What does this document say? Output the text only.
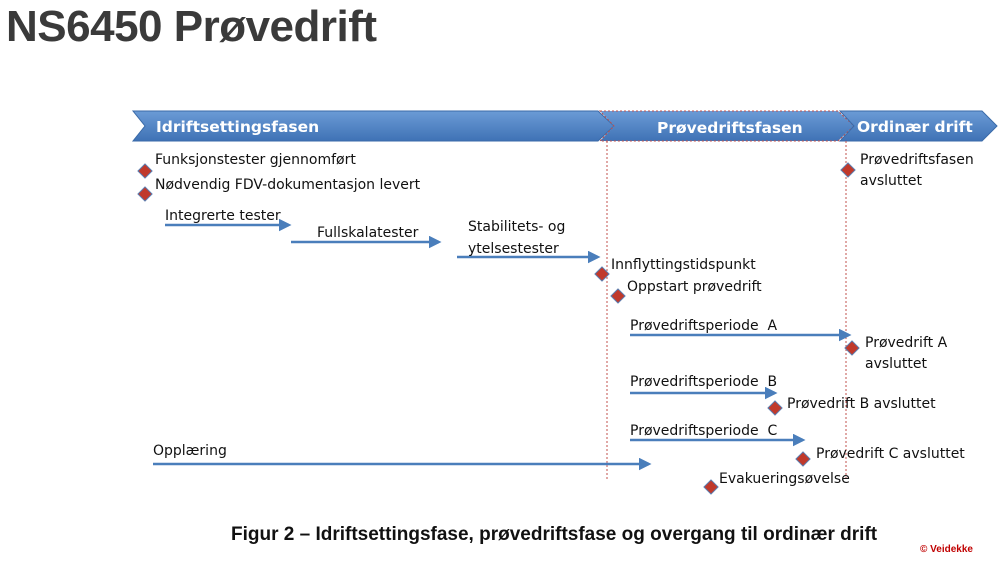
NS6450 Prøvedrift
Idriftsettingsfasen	Prøvedriftsfasen	Ordinær drift
Funksjonstester gjennomført
Nødvendig FDV-dokumentasjon levert
Prøvedriftsfasen
avsluttet
Innflyttingstidspunkt
Oppstart prøvedrift
Prøvedrift A
avsluttet
Prøvedrift B avsluttet
Prøvedrift C avsluttet
Evakueringsøvelse
Integrerte tester
Fullskalatester	Stabilitets- og
ytelsestester
Prøvedriftsperiode  A
Prøvedriftsperiode  B
Prøvedriftsperiode  C
Opplæring
Figur 2 – Idriftsettingsfase, prøvedriftsfase og overgang til ordinær drift
© Veidekke
